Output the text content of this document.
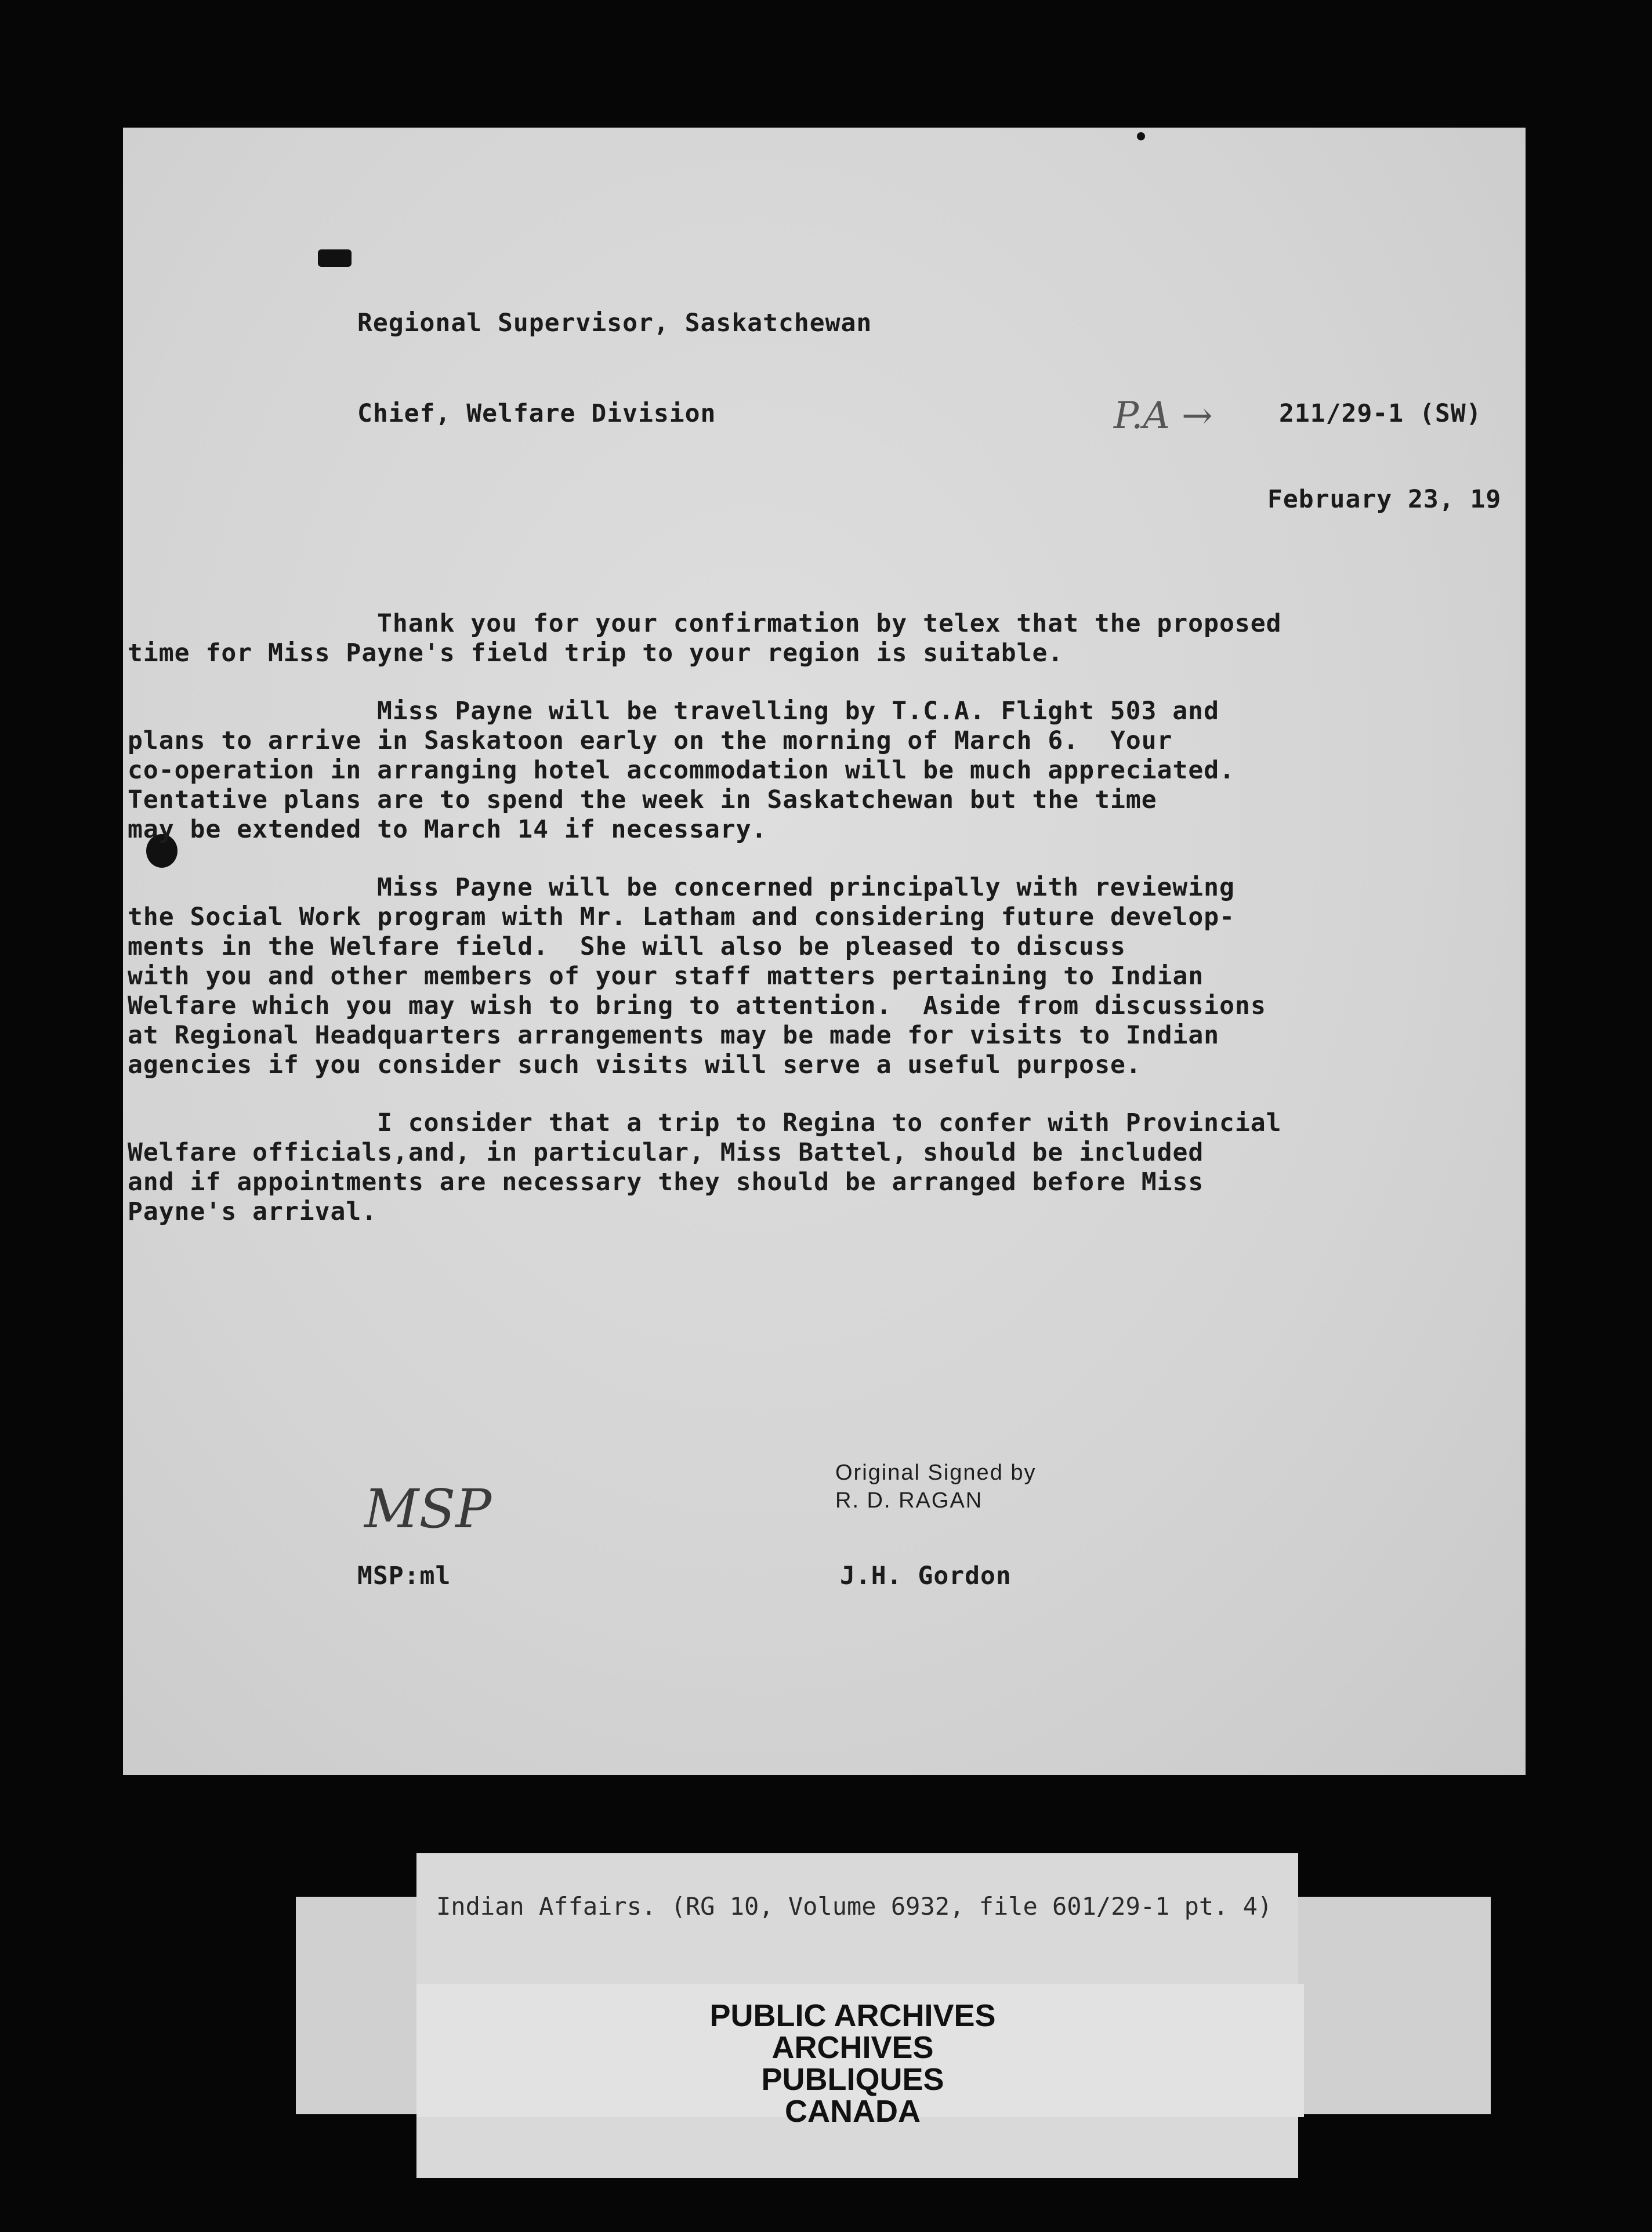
Regional Supervisor, Saskatchewan
Chief, Welfare Division	P.A →	211/29-1 (SW)
February 23, 19
Thank you for your confirmation by telex that the proposed
time for Miss Payne's field trip to your region is suitable.
Miss Payne will be travelling by T.C.A. Flight 503 and
plans to arrive in Saskatoon early on the morning of March 6.  Your
co-operation in arranging hotel accommodation will be much appreciated.
Tentative plans are to spend the week in Saskatchewan but the time
may be extended to March 14 if necessary.
Miss Payne will be concerned principally with reviewing
the Social Work program with Mr. Latham and considering future develop-
ments in the Welfare field.  She will also be pleased to discuss
with you and other members of your staff matters pertaining to Indian
Welfare which you may wish to bring to attention.  Aside from discussions
at Regional Headquarters arrangements may be made for visits to Indian
agencies if you consider such visits will serve a useful purpose.
I consider that a trip to Regina to confer with Provincial
Welfare officials,and, in particular, Miss Battel, should be included
and if appointments are necessary they should be arranged before Miss
Payne's arrival.
Original Signed by
R. D. RAGAN
MSP
MSP:ml	J.H. Gordon
Indian Affairs. (RG 10, Volume 6932, file 601/29-1 pt. 4)
PUBLIC ARCHIVES
ARCHIVES PUBLIQUES
CANADA
